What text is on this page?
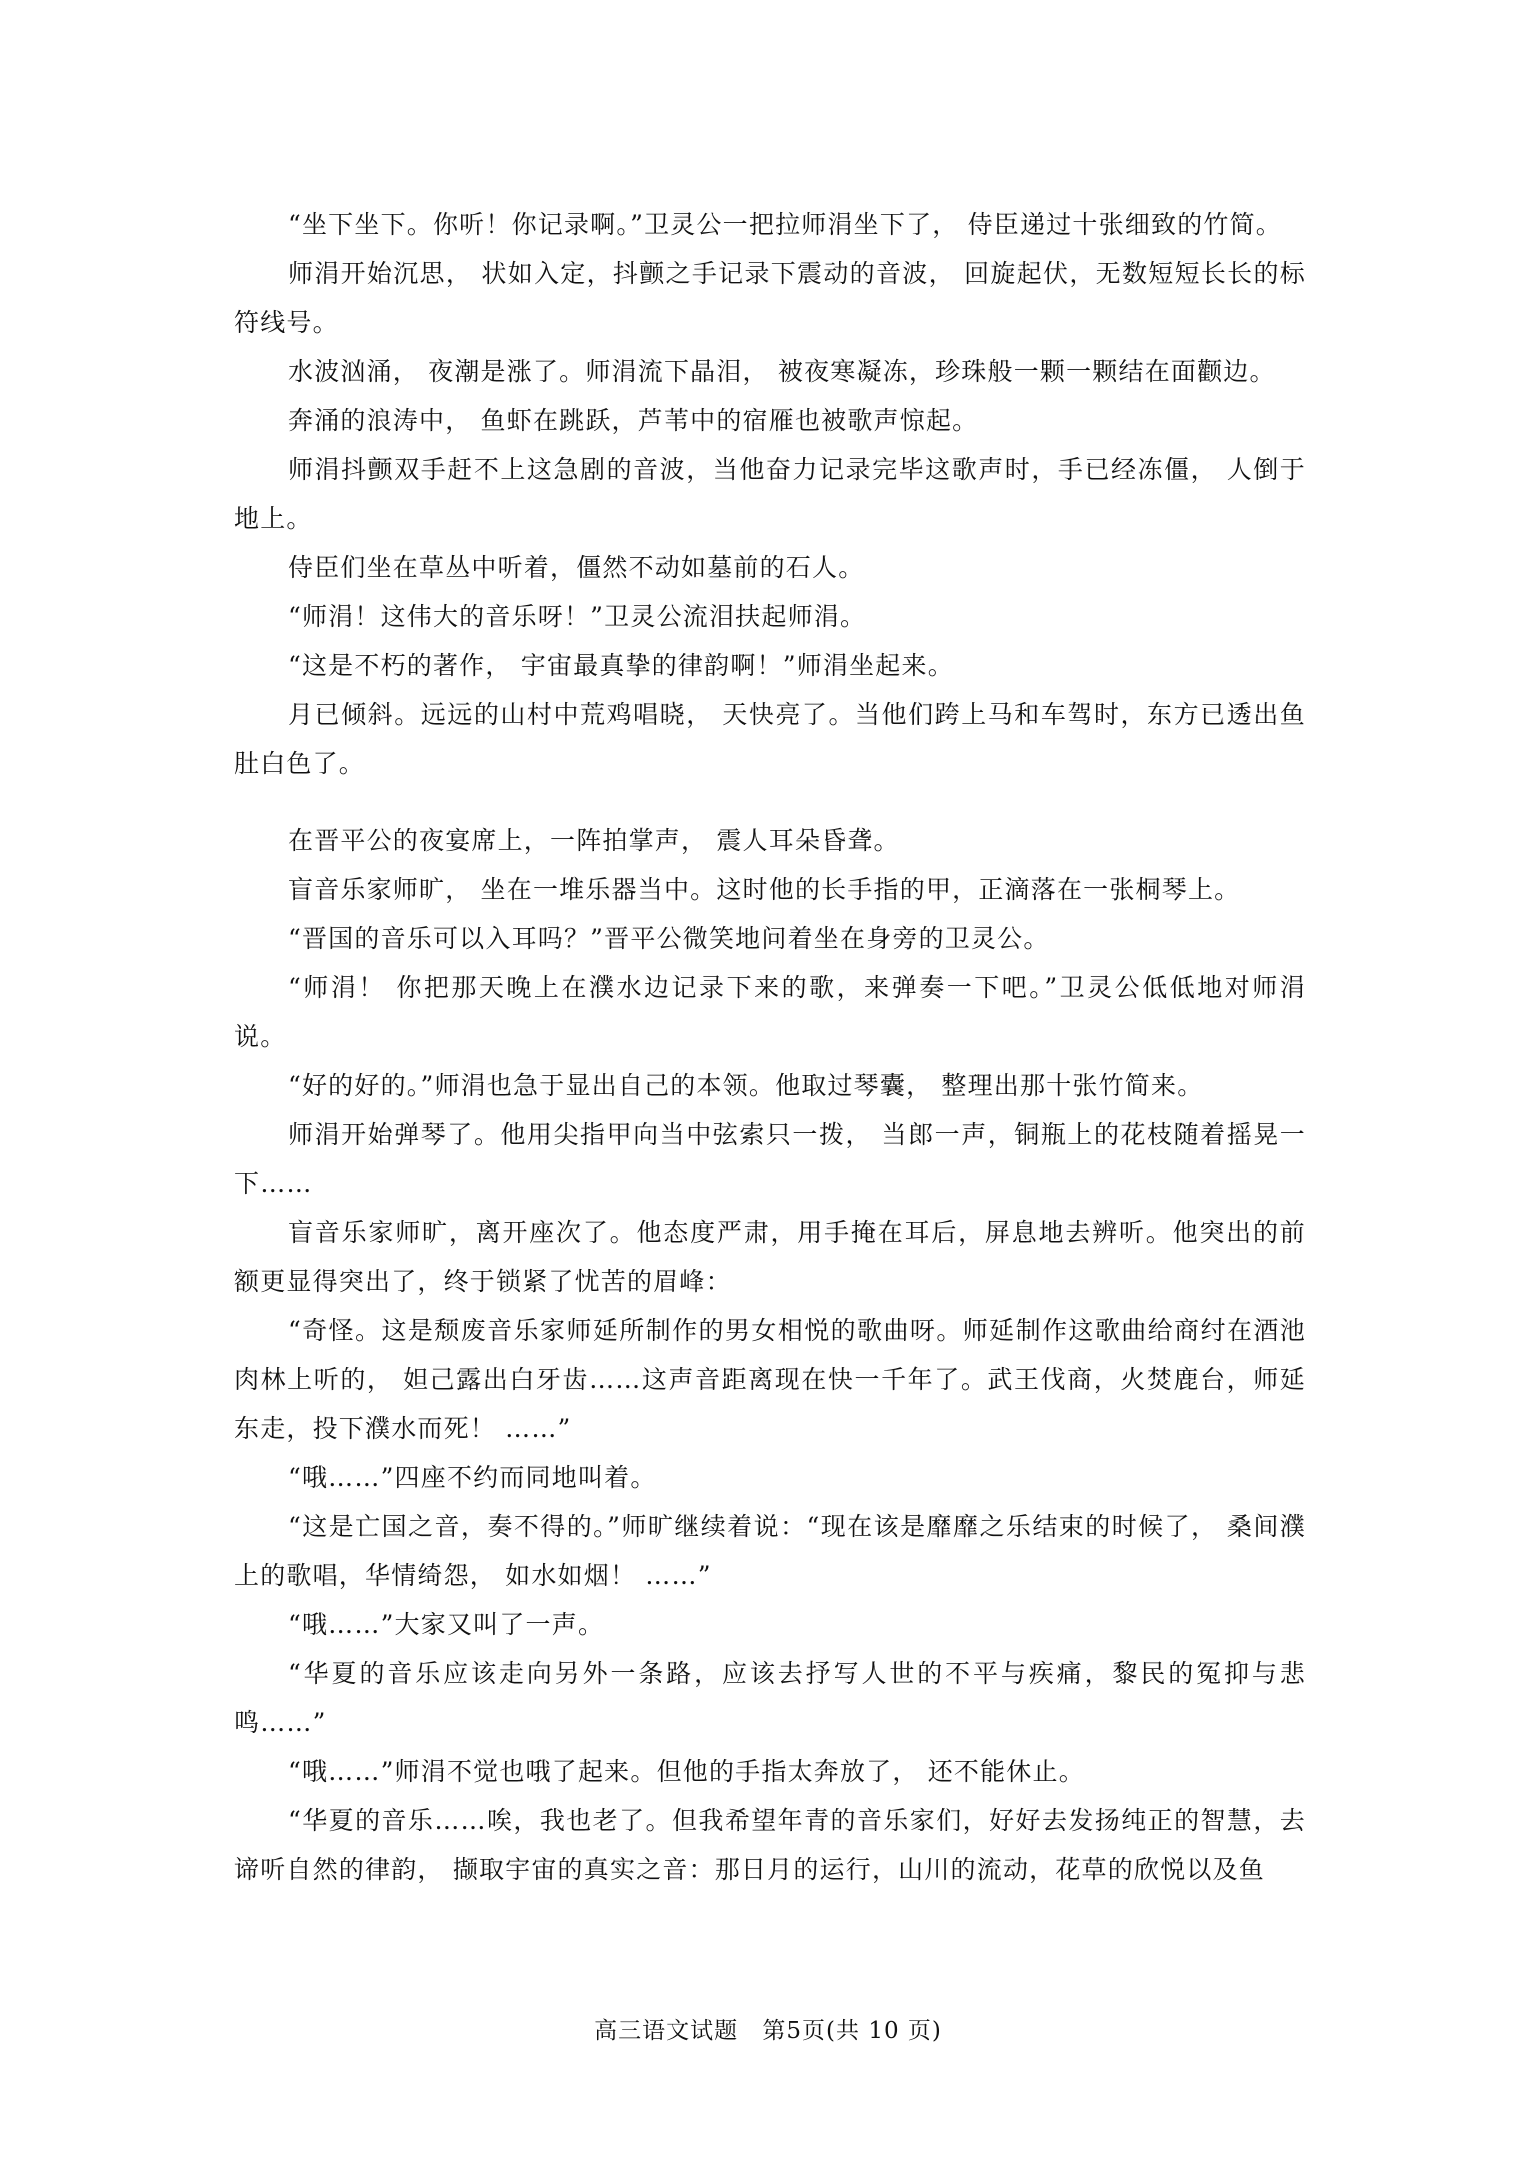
“坐下坐下。你听！你记录啊。”卫灵公一把拉师涓坐下了， 侍臣递过十张细致的竹简。

师涓开始沉思， 状如入定，抖颤之手记录下震动的音波， 回旋起伏，无数短短长长的标符线号。

水波汹涌， 夜潮是涨了。师涓流下晶泪， 被夜寒凝冻，珍珠般一颗一颗结在面颧边。

奔涌的浪涛中， 鱼虾在跳跃，芦苇中的宿雁也被歌声惊起。

师涓抖颤双手赶不上这急剧的音波，当他奋力记录完毕这歌声时，手已经冻僵， 人倒于地上。

侍臣们坐在草丛中听着，僵然不动如墓前的石人。

“师涓！这伟大的音乐呀！”卫灵公流泪扶起师涓。

“这是不朽的著作， 宇宙最真挚的律韵啊！”师涓坐起来。

月已倾斜。远远的山村中荒鸡唱晓， 天快亮了。当他们跨上马和车驾时，东方已透出鱼肚白色了。

在晋平公的夜宴席上，一阵拍掌声， 震人耳朵昏聋。

盲音乐家师旷， 坐在一堆乐器当中。这时他的长手指的甲，正滴落在一张桐琴上。

“晋国的音乐可以入耳吗？”晋平公微笑地问着坐在身旁的卫灵公。

“师涓！ 你把那天晚上在濮水边记录下来的歌，来弹奏一下吧。”卫灵公低低地对师涓说。

“好的好的。”师涓也急于显出自己的本领。他取过琴囊， 整理出那十张竹简来。

师涓开始弹琴了。他用尖指甲向当中弦索只一拨， 当郎一声，铜瓶上的花枝随着摇晃一下……

盲音乐家师旷，离开座次了。他态度严肃，用手掩在耳后，屏息地去辨听。他突出的前额更显得突出了，终于锁紧了忧苦的眉峰：

“奇怪。这是颓废音乐家师延所制作的男女相悦的歌曲呀。师延制作这歌曲给商纣在酒池肉林上听的， 妲己露出白牙齿……这声音距离现在快一千年了。武王伐商，火焚鹿台，师延东走，投下濮水而死！ ……”

“哦……”四座不约而同地叫着。

“这是亡国之音，奏不得的。”师旷继续着说：“现在该是靡靡之乐结束的时候了， 桑间濮上的歌唱，华情绮怨， 如水如烟！ ……”

“哦……”大家又叫了一声。

“华夏的音乐应该走向另外一条路，应该去抒写人世的不平与疾痛，黎民的冤抑与悲鸣……”

“哦……”师涓不觉也哦了起来。但他的手指太奔放了， 还不能休止。

“华夏的音乐……唉，我也老了。但我希望年青的音乐家们，好好去发扬纯正的智慧，去谛听自然的律韵， 撷取宇宙的真实之音：那日月的运行，山川的流动，花草的欣悦以及鱼

高三语文试题 第5页(共 10 页)
